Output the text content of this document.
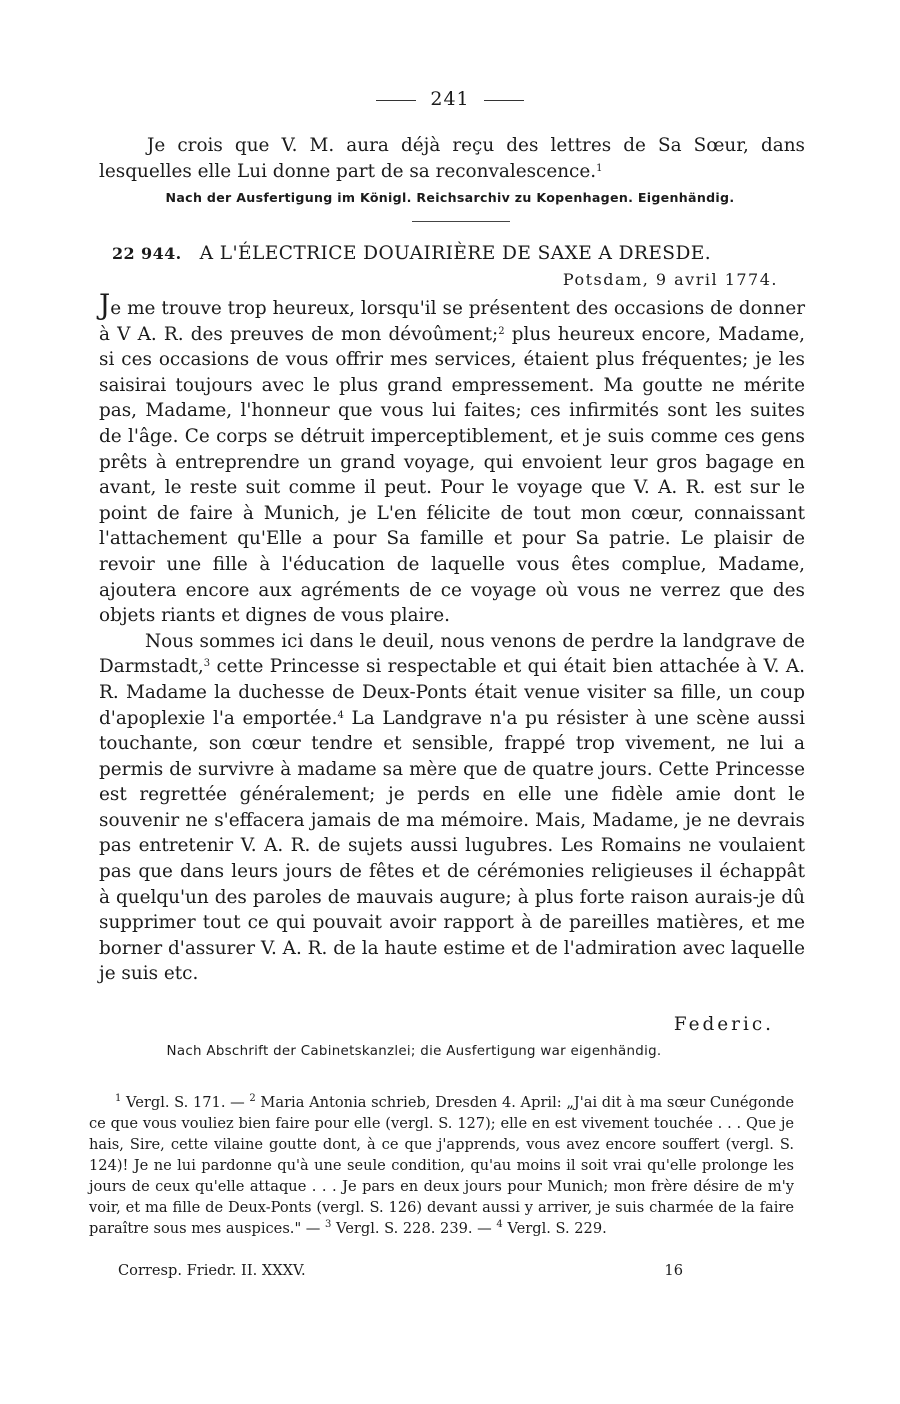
241

Je crois que V. M. aura déjà reçu des lettres de Sa Sœur, dans lesquelles elle Lui donne part de sa reconvalescence.$^1$

Nach der Ausfertigung im Königl. Reichsarchiv zu Kopenhagen. Eigenhändig.
22 944. A L'ÉLECTRICE DOUAIRIÈRE DE SAXE A DRESDE.
Potsdam, 9 avril 1774.

Je me trouve trop heureux, lorsqu'il se présentent des occasions de donner à V A. R. des preuves de mon dévoûment;$^2$ plus heureux encore, Madame, si ces occasions de vous offrir mes services, étaient plus fréquentes; je les saisirai toujours avec le plus grand empressement. Ma goutte ne mérite pas, Madame, l'honneur que vous lui faites; ces infirmités sont les suites de l'âge. Ce corps se détruit imperceptiblement, et je suis comme ces gens prêts à entreprendre un grand voyage, qui envoient leur gros bagage en avant, le reste suit comme il peut. Pour le voyage que V. A. R. est sur le point de faire à Munich, je L'en félicite de tout mon cœur, connaissant l'attachement qu'Elle a pour Sa famille et pour Sa patrie. Le plaisir de revoir une fille à l'éducation de laquelle vous êtes complue, Madame, ajoutera encore aux agréments de ce voyage où vous ne verrez que des objets riants et dignes de vous plaire.

Nous sommes ici dans le deuil, nous venons de perdre la landgrave de Darmstadt,$^3$ cette Princesse si respectable et qui était bien attachée à V. A. R. Madame la duchesse de Deux-Ponts était venue visiter sa fille, un coup d'apoplexie l'a emportée.$^4$ La Landgrave n'a pu résister à une scène aussi touchante, son cœur tendre et sensible, frappé trop vivement, ne lui a permis de survivre à madame sa mère que de quatre jours. Cette Princesse est regrettée généralement; je perds en elle une fidèle amie dont le souvenir ne s'effacera jamais de ma mémoire. Mais, Madame, je ne devrais pas entretenir V. A. R. de sujets aussi lugubres. Les Romains ne voulaient pas que dans leurs jours de fêtes et de cérémonies religieuses il échappât à quelqu'un des paroles de mauvais augure; à plus forte raison aurais-je dû supprimer tout ce qui pouvait avoir rapport à de pareilles matières, et me borner d'assurer V. A. R. de la haute estime et de l'admiration avec laquelle je suis etc.

Federic.
Nach Abschrift der Cabinetskanzlei; die Ausfertigung war eigenhändig.

$^1$ Vergl. S. 171. — $^2$ Maria Antonia schrieb, Dresden 4. April: „J'ai dit à ma sœur Cunégonde ce que vous vouliez bien faire pour elle (vergl. S. 127); elle en est vivement touchée . . . Que je hais, Sire, cette vilaine goutte dont, à ce que j'apprends, vous avez encore souffert (vergl. S. 124)! Je ne lui pardonne qu'à une seule condition, qu'au moins il soit vrai qu'elle prolonge les jours de ceux qu'elle attaque . . . Je pars en deux jours pour Munich; mon frère désire de m'y voir, et ma fille de Deux-Ponts (vergl. S. 126) devant aussi y arriver, je suis charmée de la faire paraître sous mes auspices." — $^3$ Vergl. S. 228. 239. — $^4$ Vergl. S. 229.

Corresp. Friedr. II. XXXV.	16
